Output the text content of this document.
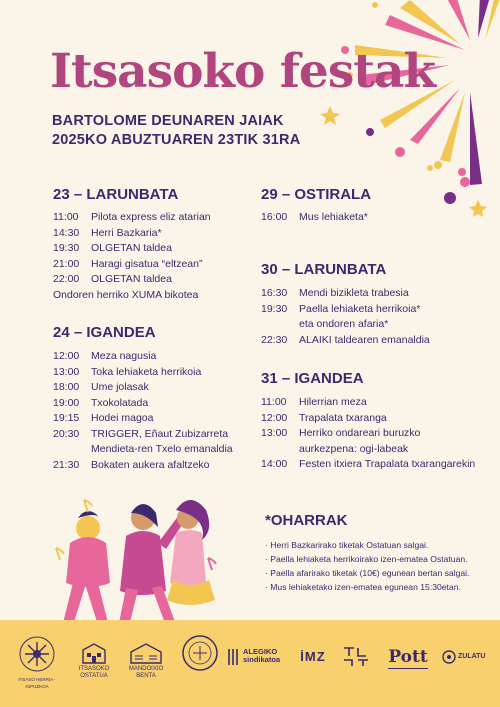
Itsasoko festak
BARTOLOME DEUNAREN JAIAK
2025KO ABUZTUAREN 23TIK 31RA
23 – LARUNBATA
11:00	Pilota express eliz atarian
14:30	Herri Bazkaria*
19:30	OLGETAN taldea
21:00	Haragi gisatua “eltzean”
22:00	OLGETAN taldea
Ondoren herriko XUMA bikotea
24 – IGANDEA
12:00	Meza nagusia
13:00	Toka lehiaketa herrikoia
18:00	Ume jolasak
19:00	Txokolatada
19:15	Hodei magoa
20:30	TRIGGER, Eñaut Zubizarreta
Mendieta-ren Txelo emanaldia
21:30	Bokaten aukera afaltzeko
29 – OSTIRALA
16:00	Mus lehiaketa*
30 – LARUNBATA
16:30	Mendi bizikleta trabesia
19:30	Paella lehiaketa herrikoia*
eta ondoren afaria*
22:30	ALAIKI taldearen emanaldia
31 – IGANDEA
11:00	Hilerrian meza
12:00	Trapalata txaranga
13:00	Herriko ondareari buruzko
aurkezpena: ogi-labeak
14:00	Festen itxiera Trapalata txarangarekin
*OHARRAK
· Herri Bazkarirako tiketak Ostatuan salgai.
· Paella lehiaketa herrikoirako izen-ematea Ostatuan.
· Paella afarirako tiketak (10€) egunean bertan salgai.
· Mus lehiaketako izen-ematea egunean 15:30etan.
ITSASO HERRIA · GIPUZKOA
ITSASOKO OSTATUA
MANDOIXIO BENTA
ALEGIKO sindikatoa	İMZ	Pott	ZULATU
